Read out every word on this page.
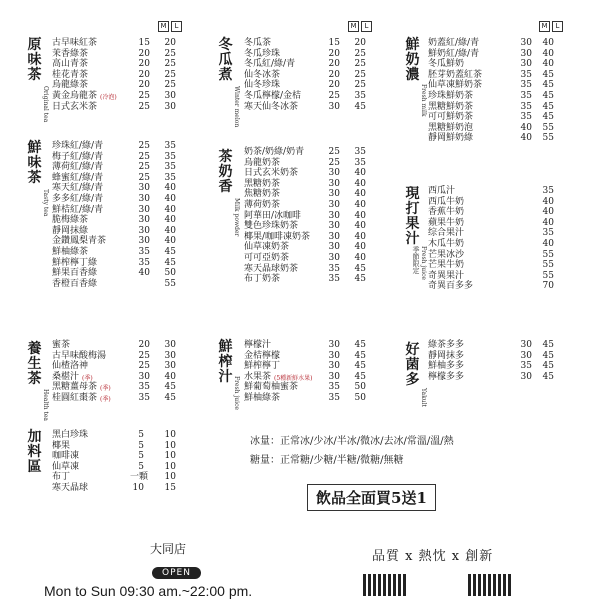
M L	M L	M L
原味茶
Original tea
鮮味茶
Tasty tea
養生茶
Health tea
加料區
冬瓜煮
Winter melon
茶奶香
Milk powder
鮮榨汁 Fresh juice
鮮奶濃
Fresh milk
現打果汁
Fresh juice
季節限定
好菌多
Yakult
古早味紅茶	15 20
茉香綠茶	20 25
高山青茶	20 25
桂花青茶	20 25
烏龍綠茶	20 25
黃金烏龍茶 (冷泡) 25 30
日式玄米茶	25 30
珍珠紅/綠/青	25 35
梅子紅/綠/青	25 35
薄荷紅/綠/青	25 35
蜂蜜紅/綠/青	25 35
寒天紅/綠/青	30 40
多多紅/綠/青	30 40
鮮桔紅/綠/青	30 40
脆梅綠茶	30 40
靜岡抹綠	30 40
金鑽鳳梨青茶	30 40
鮮柚綠茶	35 45
鮮榨檸丁綠	35 45
鮮果百香綠	40 50
香橙百香綠	55
蜜茶	20 30
古早味酸梅湯	25 30
仙楂洛神	25 30
桑椹汁 (季)	30 40
黑糖薑母茶 (季)	35 45
桂圓紅棗茶 (季)	35 45
黑白珍珠	5 10
椰果	5 10
咖啡凍	5 10
仙草凍	5 10
布丁	一顆 10
寒天晶球	10 15
冬瓜茶	15 20
冬瓜珍珠	20 25
冬瓜紅/綠/青	20 25
仙冬冰茶	20 25
仙冬珍珠	20 25
冬瓜檸檬/金桔	25 35
寒天仙冬冰茶	30 45
奶茶/奶綠/奶青	25 35
烏龍奶茶	25 35
日式玄米奶茶	30 40
黑糖奶茶	30 40
焦糖奶茶	30 40
薄荷奶茶	30 40
阿華田/冰咖啡	30 40
雙色珍珠奶茶	30 40
椰果/咖啡凍奶茶 30 40
仙草凍奶茶	30 40
可可亞奶茶	30 40
寒天晶球奶茶	35 45
布丁奶茶	35 45
檸檬汁	30 45
金桔檸檬	30 45
鮮榨檸丁	30 45
水果茶 (5種新鮮水果) 30 45
鮮葡萄柚蜜茶	35 50
鮮柚綠茶	35 50
奶蓋紅/綠/青	30 40
鮮奶紅/綠/青	30 40
冬瓜鮮奶	30 40
胚芽奶蓋紅茶	35 45
仙草凍鮮奶茶	35 45
珍珠鮮奶茶	35 45
黑糖鮮奶茶	35 45
可可鮮奶茶	35 45
黑糖鮮奶泡	40 55
靜岡鮮奶綠	40 55
西瓜汁	35
西瓜牛奶	40
香蕉牛奶	40
蘋果牛奶	40
综合果汁	35
木瓜牛奶	40
芒果冰沙	55
芒果牛奶	55
奇異果汁	55
奇異百多多	70
綠茶多多	30 45
靜岡抹多	30 45
鮮柚多多	35 45
檸檬多多	30 45
冰量：正常冰/少冰/半冰/微冰/去冰/常溫/溫/熱
糖量：正常糖/少糖/半糖/微糖/無糖
飲品全面買5送1
大同店
OPEN
Mon to Sun 09:30 am.~22:00 pm.
品質 x 熱忱 x 創新
